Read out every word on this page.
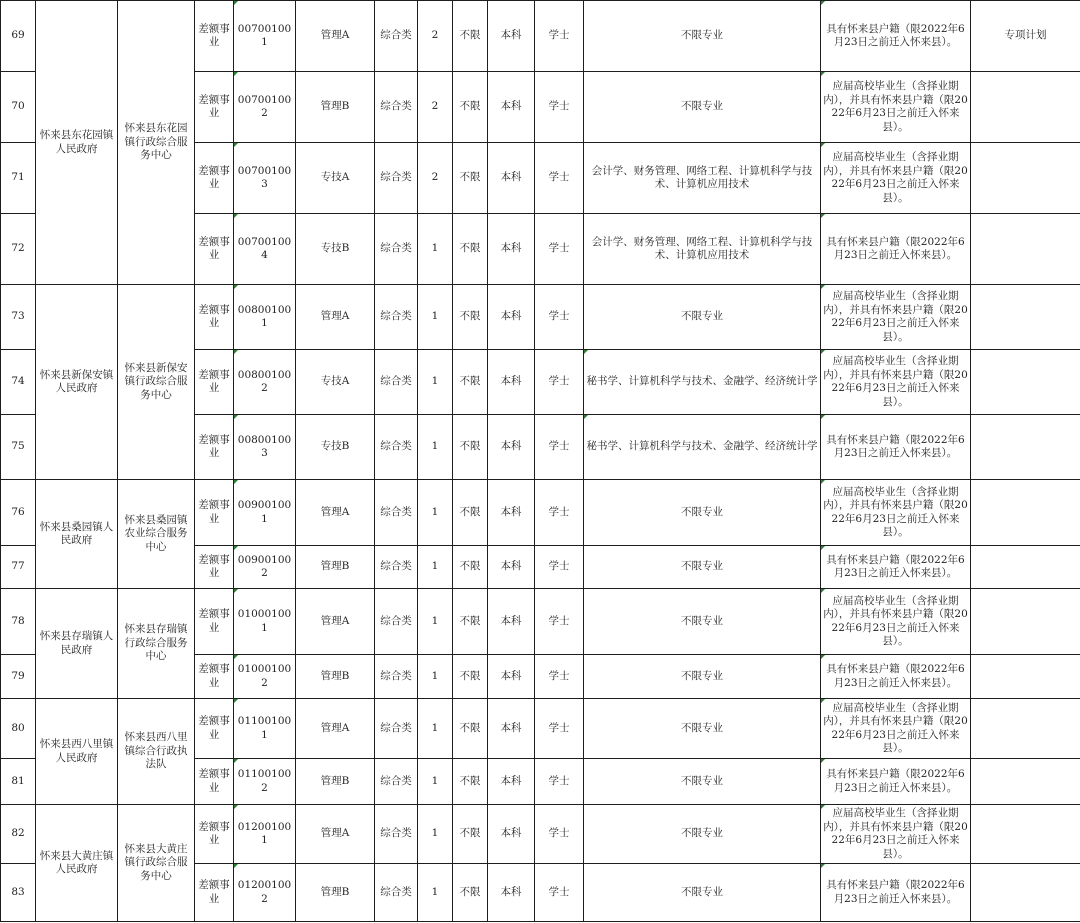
69	怀来县东花园镇人民政府	怀来县东花园镇行政综合服务中心	差额事业	007001001	管理A	综合类	2	不限	本科	学士	不限专业	具有怀来县户籍（限2022年6月23日之前迁入怀来县）。	专项计划
70			差额事业	007001002	管理B	综合类	2	不限	本科	学士	不限专业	应届高校毕业生（含择业期内），并具有怀来县户籍（限2022年6月23日之前迁入怀来县）。	
71			差额事业	007001003	专技A	综合类	2	不限	本科	学士	会计学、财务管理、网络工程、计算机科学与技术、计算机应用技术	应届高校毕业生（含择业期内），并具有怀来县户籍（限2022年6月23日之前迁入怀来县）。	
72			差额事业	007001004	专技B	综合类	1	不限	本科	学士	会计学、财务管理、网络工程、计算机科学与技术、计算机应用技术	具有怀来县户籍（限2022年6月23日之前迁入怀来县）。	
73	怀来县新保安镇人民政府	怀来县新保安镇行政综合服务中心	差额事业	008001001	管理A	综合类	1	不限	本科	学士	不限专业	应届高校毕业生（含择业期内），并具有怀来县户籍（限2022年6月23日之前迁入怀来县）。	
74			差额事业	008001002	专技A	综合类	1	不限	本科	学士	秘书学、计算机科学与技术、金融学、经济统计学	应届高校毕业生（含择业期内），并具有怀来县户籍（限2022年6月23日之前迁入怀来县）。	
75			差额事业	008001003	专技B	综合类	1	不限	本科	学士	秘书学、计算机科学与技术、金融学、经济统计学	具有怀来县户籍（限2022年6月23日之前迁入怀来县）。	
76	怀来县桑园镇人民政府	怀来县桑园镇农业综合服务中心	差额事业	009001001	管理A	综合类	1	不限	本科	学士	不限专业	应届高校毕业生（含择业期内），并具有怀来县户籍（限2022年6月23日之前迁入怀来县）。	
77			差额事业	009001002	管理B	综合类	1	不限	本科	学士	不限专业	具有怀来县户籍（限2022年6月23日之前迁入怀来县）。	
78	怀来县存瑞镇人民政府	怀来县存瑞镇行政综合服务中心	差额事业	010001001	管理A	综合类	1	不限	本科	学士	不限专业	应届高校毕业生（含择业期内），并具有怀来县户籍（限2022年6月23日之前迁入怀来县）。	
79			差额事业	010001002	管理B	综合类	1	不限	本科	学士	不限专业	具有怀来县户籍（限2022年6月23日之前迁入怀来县）。	
80	怀来县西八里镇人民政府	怀来县西八里镇综合行政执法队	差额事业	011001001	管理A	综合类	1	不限	本科	学士	不限专业	应届高校毕业生（含择业期内），并具有怀来县户籍（限2022年6月23日之前迁入怀来县）。	
81			差额事业	011001002	管理B	综合类	1	不限	本科	学士	不限专业	具有怀来县户籍（限2022年6月23日之前迁入怀来县）。	
82	怀来县大黄庄镇人民政府	怀来县大黄庄镇行政综合服务中心	差额事业	012001001	管理A	综合类	1	不限	本科	学士	不限专业	应届高校毕业生（含择业期内），并具有怀来县户籍（限2022年6月23日之前迁入怀来县）。	
83			差额事业	012001002	管理B	综合类	1	不限	本科	学士	不限专业	具有怀来县户籍（限2022年6月23日之前迁入怀来县）。	
